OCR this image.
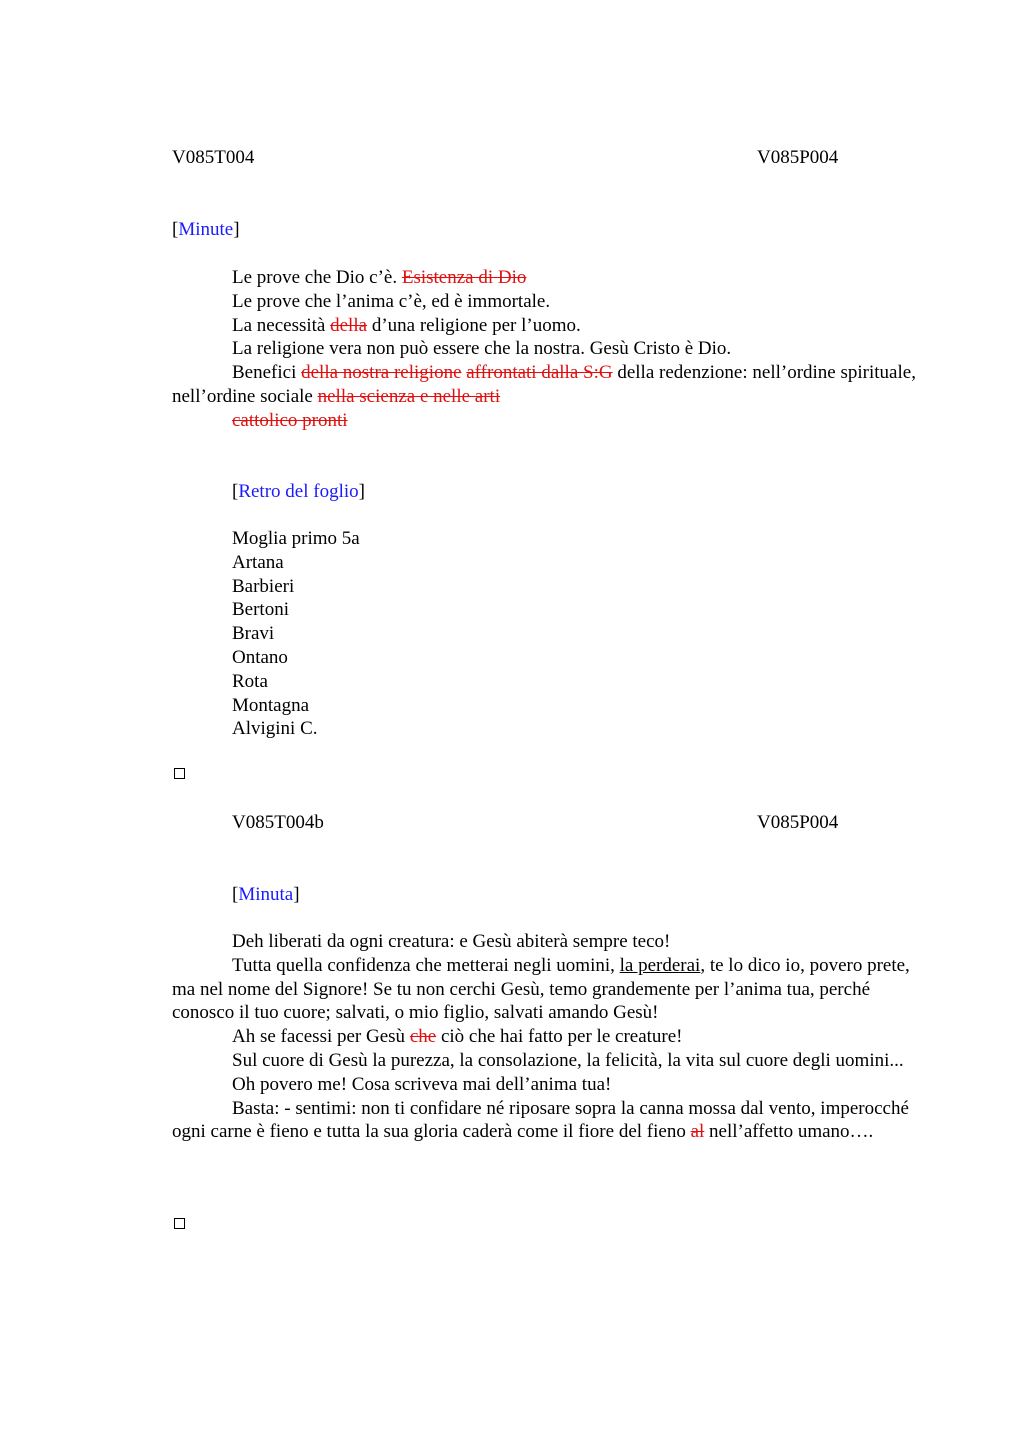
V085T004	V085P004
[Minute]

Le prove che Dio c’è. Esistenza di Dio

Le prove che l’anima c’è, ed è immortale.

La necessità della d’una religione per l’uomo.

La religione vera non può essere che la nostra. Gesù Cristo è Dio.

Benefici della nostra religione affrontati dalla S:G della redenzione: nell’ordine spirituale, nell’ordine sociale nella scienza e nelle arti

cattolico pronti

[Retro del foglio]
Moglia primo 5a
Artana
Barbieri
Bertoni
Bravi
Ontano
Rota
Montagna
Alvigini C.
V085T004b	V085P004
[Minuta]

Deh liberati da ogni creatura: e Gesù abiterà sempre teco!

Tutta quella confidenza che metterai negli uomini, la perderai, te lo dico io, povero prete, ma nel nome del Signore! Se tu non cerchi Gesù, temo grandemente per l’anima tua, perché conosco il tuo cuore; salvati, o mio figlio, salvati amando Gesù!

Ah se facessi per Gesù che ciò che hai fatto per le creature!

Sul cuore di Gesù la purezza, la consolazione, la felicità, la vita sul cuore degli uomini...

Oh povero me! Cosa scriveva mai dell’anima tua!

Basta: - sentimi: non ti confidare né riposare sopra la canna mossa dal vento, imperocché ogni carne è fieno e tutta la sua gloria caderà come il fiore del fieno al nell’affetto umano….
